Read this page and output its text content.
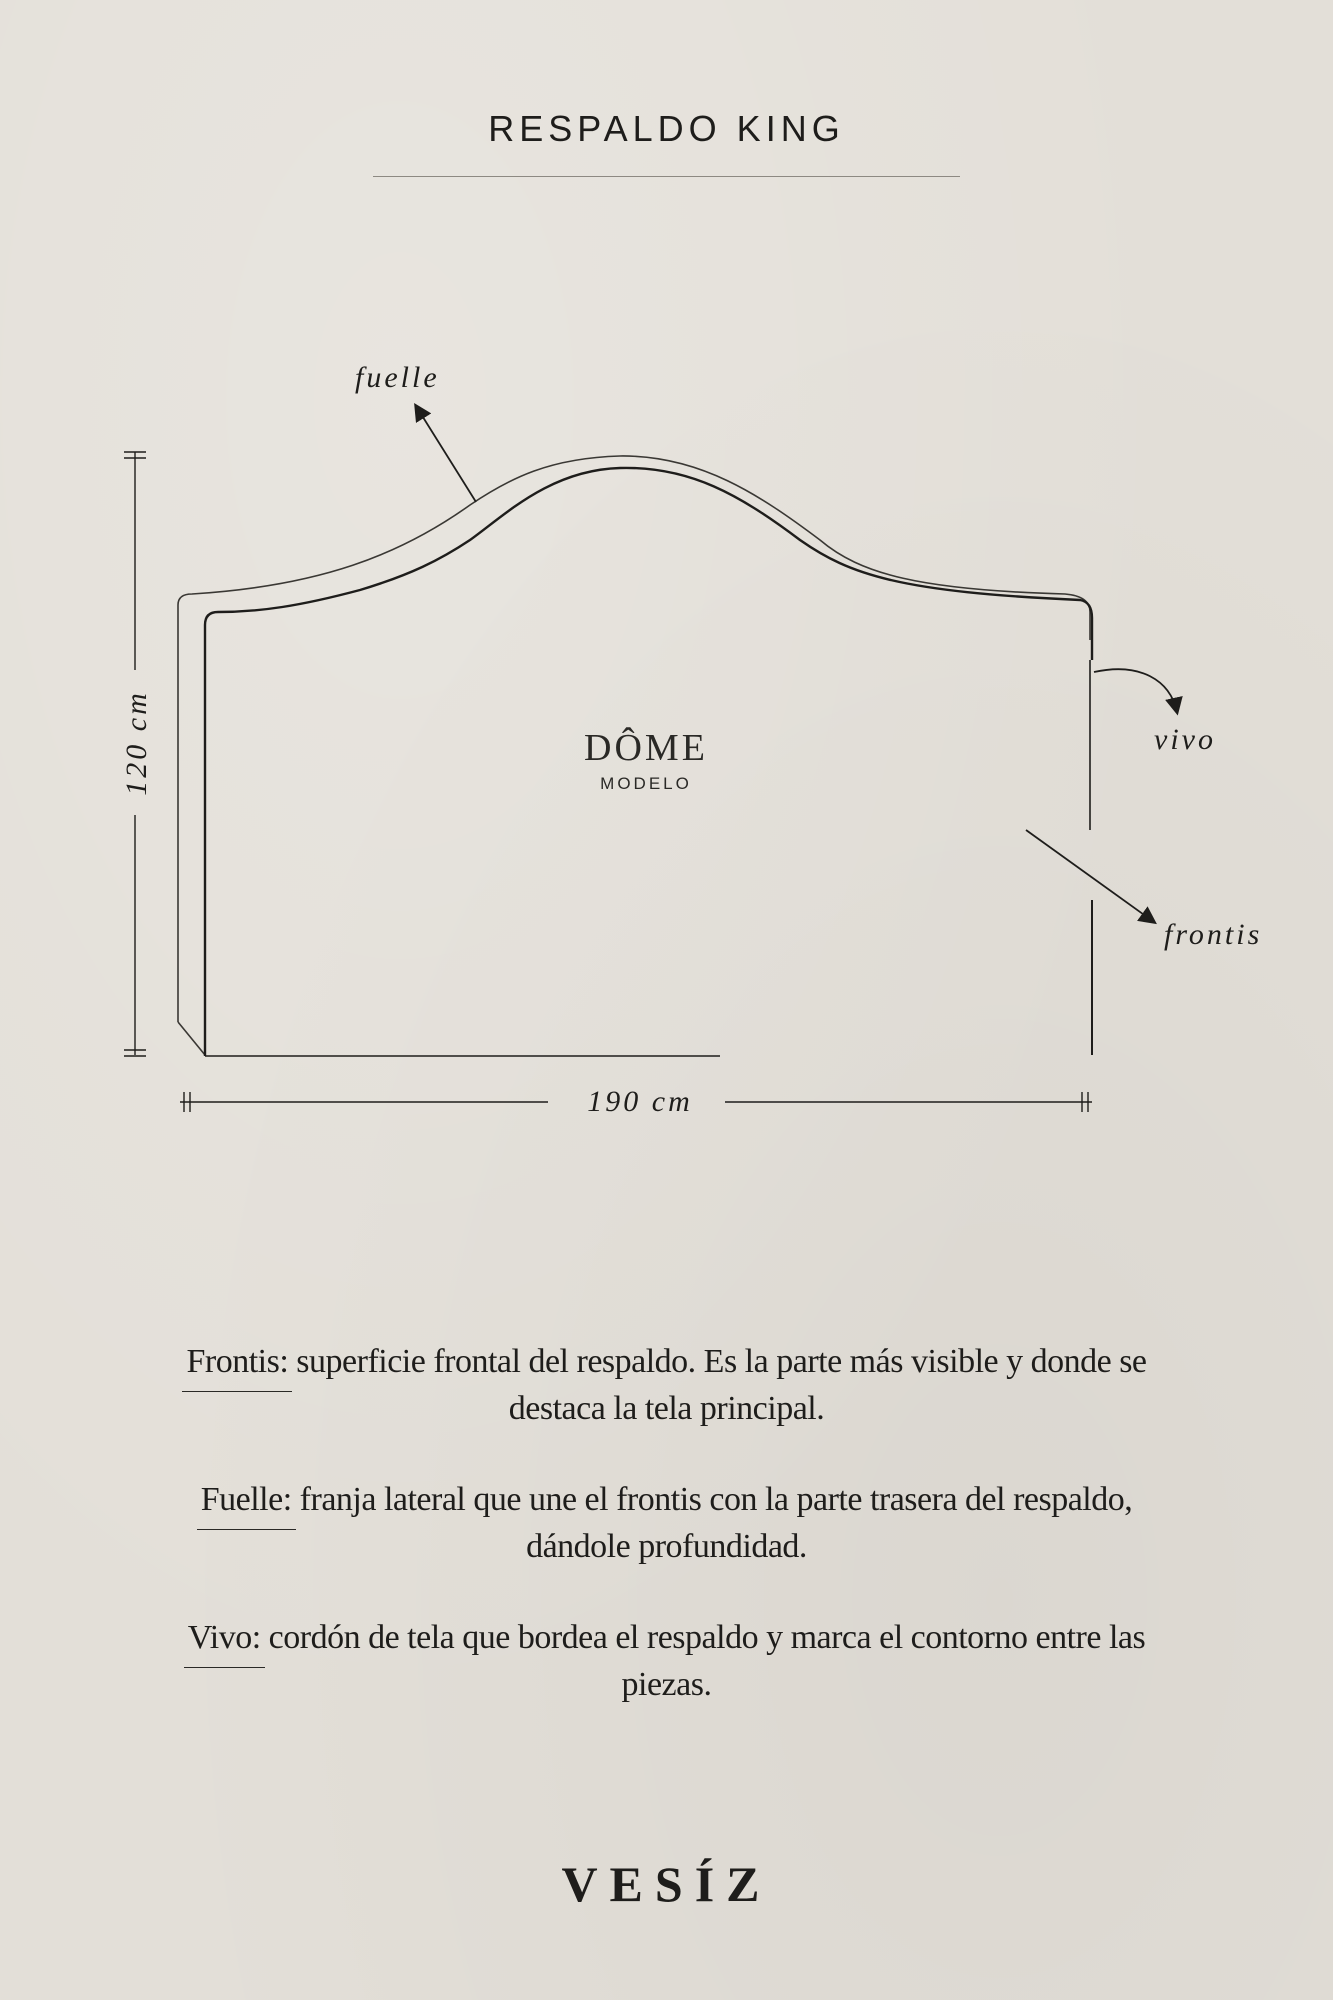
RESPALDO KING
120 cm
190 cm
DÔME
MODELO
fuelle
vivo
frontis

Frontis: superficie frontal del respaldo. Es la parte más visible y donde se destaca la tela principal.

Fuelle: franja lateral que une el frontis con la parte trasera del respaldo, dándole profundidad.

Vivo: cordón de tela que bordea el respaldo y marca el contorno entre las piezas.

VESÍZ
